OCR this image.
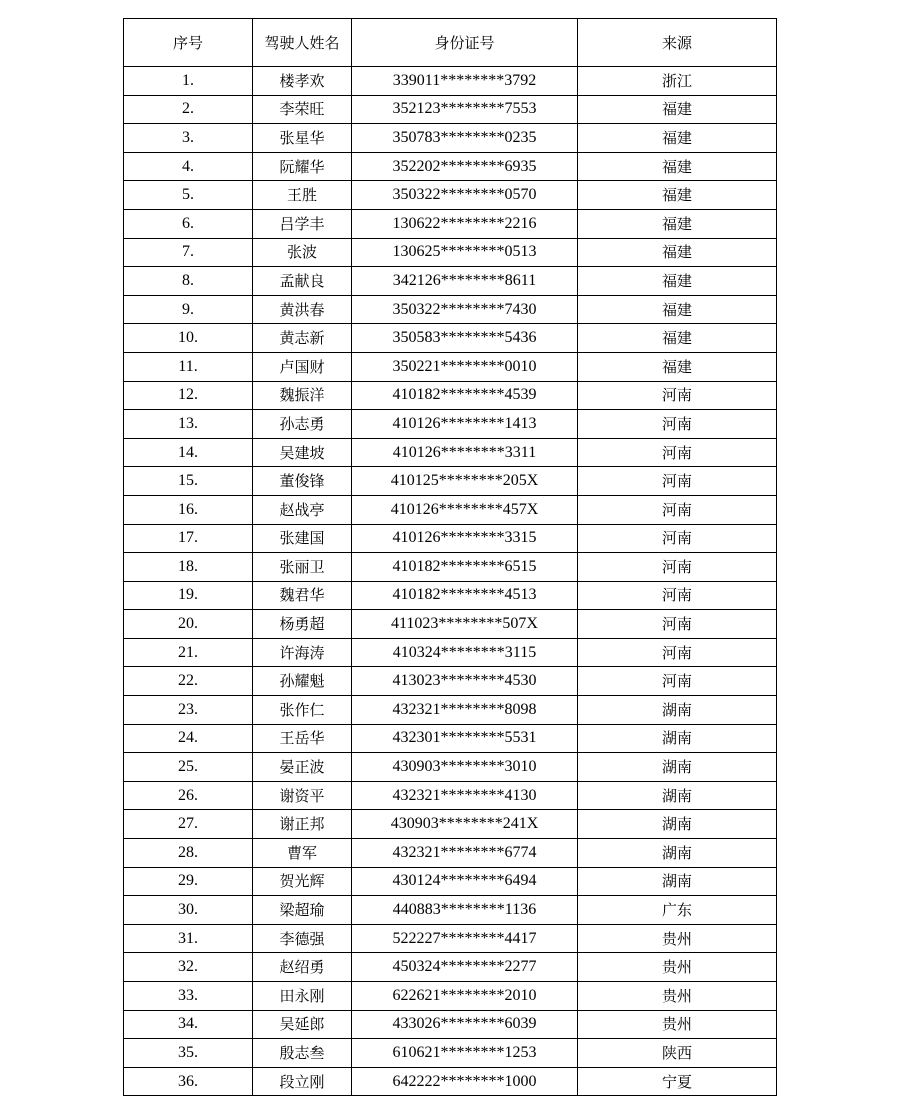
序号	驾驶人姓名	身份证号	来源
1.	楼孝欢	339011********3792	浙江
2.	李荣旺	352123********7553	福建
3.	张星华	350783********0235	福建
4.	阮耀华	352202********6935	福建
5.	王胜	350322********0570	福建
6.	吕学丰	130622********2216	福建
7.	张波	130625********0513	福建
8.	孟献良	342126********8611	福建
9.	黄洪春	350322********7430	福建
10.	黄志新	350583********5436	福建
11.	卢国财	350221********0010	福建
12.	魏振洋	410182********4539	河南
13.	孙志勇	410126********1413	河南
14.	吴建坡	410126********3311	河南
15.	董俊锋	410125********205X	河南
16.	赵战亭	410126********457X	河南
17.	张建国	410126********3315	河南
18.	张丽卫	410182********6515	河南
19.	魏君华	410182********4513	河南
20.	杨勇超	411023********507X	河南
21.	许海涛	410324********3115	河南
22.	孙耀魁	413023********4530	河南
23.	张作仁	432321********8098	湖南
24.	王岳华	432301********5531	湖南
25.	晏正波	430903********3010	湖南
26.	谢资平	432321********4130	湖南
27.	谢正邦	430903********241X	湖南
28.	曹军	432321********6774	湖南
29.	贺光辉	430124********6494	湖南
30.	梁超瑜	440883********1136	广东
31.	李德强	522227********4417	贵州
32.	赵绍勇	450324********2277	贵州
33.	田永刚	622621********2010	贵州
34.	吴延郎	433026********6039	贵州
35.	殷志叁	610621********1253	陕西
36.	段立刚	642222********1000	宁夏
